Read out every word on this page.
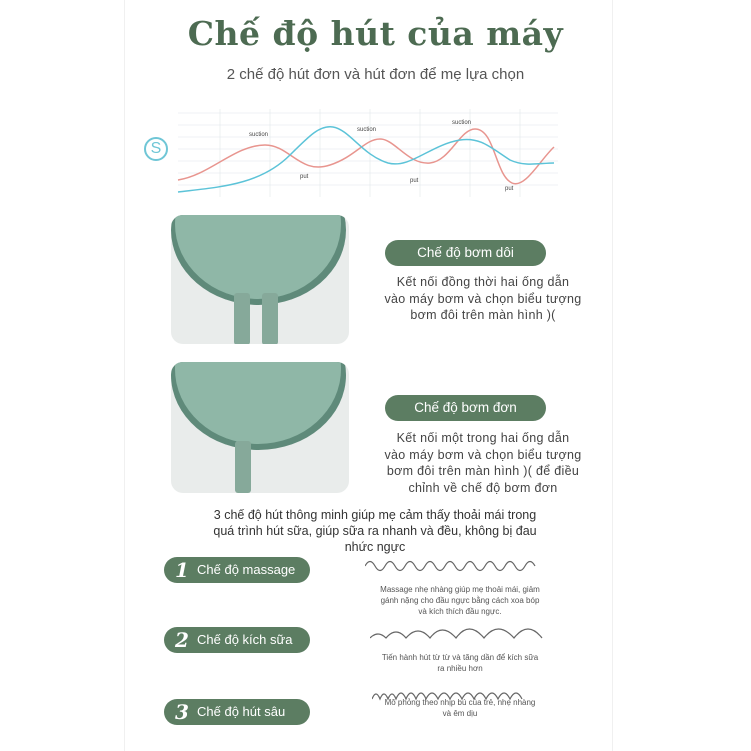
Chế độ hút của máy
2 chế độ hút đơn và hút đơn để mẹ lựa chọn
S
suction
suction
suction
put
put
put
Chế độ bơm dôi
Kết nối đồng thời hai ống dẫn
vào máy bơm và chọn biểu tượng
bơm đôi trên màn hình )(
Chế độ bơm đơn
Kết nối một trong hai ống dẫn
vào máy bơm và chọn biểu tượng
bơm đôi trên màn hình )( để điều
chỉnh về chế độ bơm đơn
3 chế độ hút thông minh giúp mẹ cảm thấy thoải mái trong
quá trình hút sữa, giúp sữa ra nhanh và đều, không bị đau
nhức ngực
1 Chế độ massage
Massage nhẹ nhàng giúp mẹ thoải mái, giảm
gánh nặng cho đầu ngực bằng cách xoa bóp
và kích thích đầu ngực.
2 Chế độ kích sữa
Tiến hành hút từ từ và tăng dần để kích sữa
ra nhiều hơn
3 Chế độ hút sâu
Mô phỏng theo nhịp bú của trẻ, nhẹ nhàng
và êm dịu
